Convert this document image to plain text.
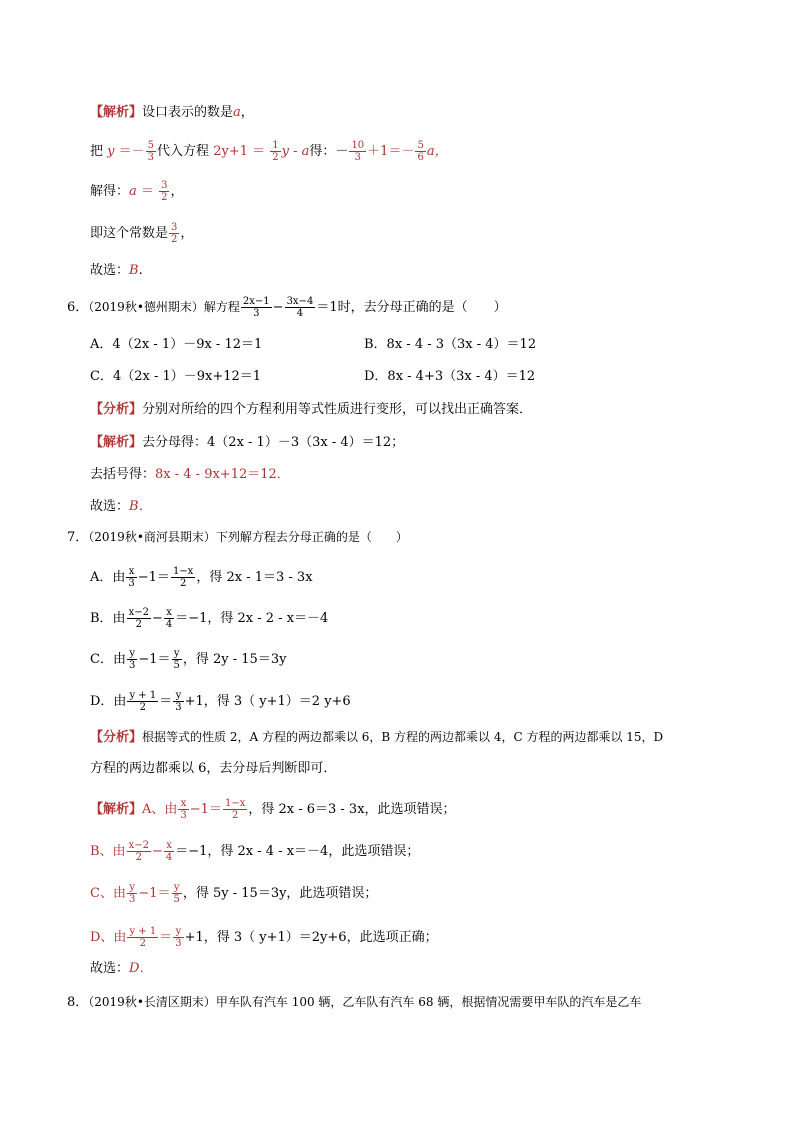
【解析】设口表示的数是a，
把 $y =- \frac{5}{3}$ 代入方程 $2y+1 = \frac{1}{2}$ y - a得：－ $\frac{10}{3} +1=- \frac{5}{6}$ a，
解得：$a = \frac{3}{2}$ ，
即这个常数是 $\frac{3}{2}$ ，
故选：B.
6．（2019秋•德州期末）解方程 $\frac{2x-1}{3} - \frac{3x-4}{4} =1$时，去分母正确的是（　　）
A．4（2x - 1）－9x - 12＝1	B．8x - 4 - 3（3x - 4）＝12
C．4（2x - 1）－9x+12＝1	D．8x - 4+3（3x - 4）＝12
【分析】分别对所给的四个方程利用等式性质进行变形，可以找出正确答案．
【解析】去分母得：4（2x - 1）－3（3x - 4）＝12；
去括号得：8x - 4 - 9x+12＝12．
故选：B．
7．（2019秋•商河县期末）下列解方程去分母正确的是（　　）
A．由 $\frac{x}{3} -1= \frac{1-x}{2}$ ，得 2x - 1＝3 - 3x
B．由 $\frac{x-2}{2} - \frac{x}{4} =-1$，得 2x - 2 - x＝－4
C．由 $\frac{y}{3} -1= \frac{y}{5}$ ，得 2y - 15＝3y
D．由 $\frac{y + 1}{2} = \frac{y}{3} +1$，得 3（ y+1）＝2 y+6
【分析】根据等式的性质 2，A 方程的两边都乘以 6，B 方程的两边都乘以 4，C 方程的两边都乘以 15，D
方程的两边都乘以 6，去分母后判断即可．
【解析】A、由 $\frac{x}{3} -1= \frac{1-x}{2}$ ，得 2x - 6＝3 - 3x，此选项错误；
B、由 $\frac{x-2}{2} - \frac{x}{4} =-1$，得 2x - 4 - x＝－4，此选项错误；
C、由 $\frac{y}{3} -1= \frac{y}{5}$ ，得 5y - 15＝3y，此选项错误；
D、由 $\frac{y + 1}{2} = \frac{y}{3} +1$，得 3（ y+1）＝2y+6，此选项正确；
故选：D．
8．（2019秋•长清区期末）甲车队有汽车 100 辆，乙车队有汽车 68 辆，根据情况需要甲车队的汽车是乙车
